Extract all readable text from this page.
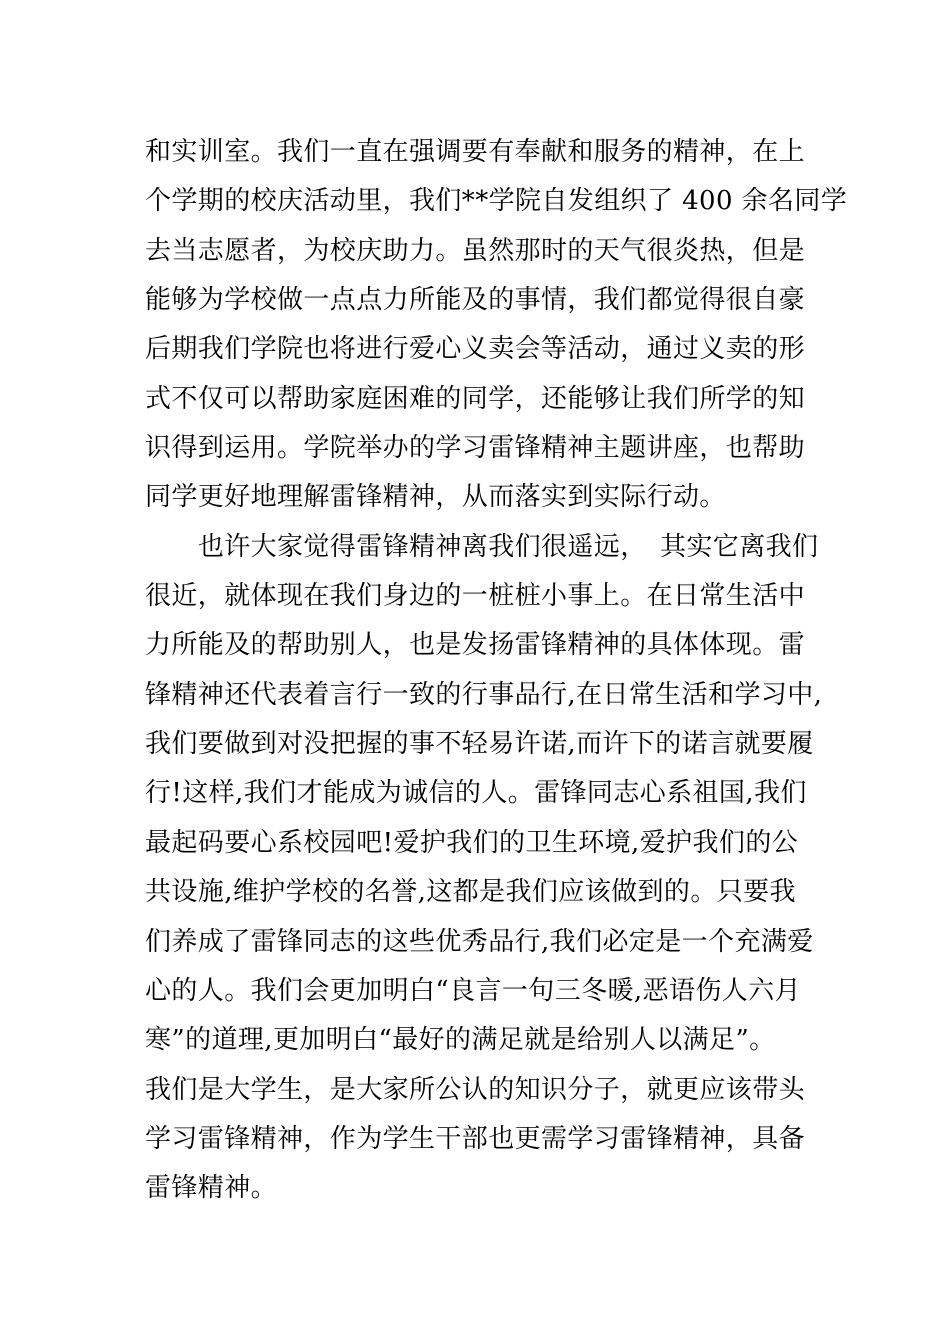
和实训室。我们一直在强调要有奉献和服务的精神，在上
个学期的校庆活动里，我们**学院自发组织了 400 余名同学
去当志愿者，为校庆助力。虽然那时的天气很炎热，但是
能够为学校做一点点力所能及的事情，我们都觉得很自豪
后期我们学院也将进行爱心义卖会等活动，通过义卖的形
式不仅可以帮助家庭困难的同学，还能够让我们所学的知
识得到运用。学院举办的学习雷锋精神主题讲座，也帮助
同学更好地理解雷锋精神，从而落实到实际行动。
　　也许大家觉得雷锋精神离我们很遥远，　其实它离我们
很近，就体现在我们身边的一桩桩小事上。在日常生活中
力所能及的帮助别人，也是发扬雷锋精神的具体体现。雷
锋精神还代表着言行一致的行事品行,在日常生活和学习中,
我们要做到对没把握的事不轻易许诺,而许下的诺言就要履
行!这样,我们才能成为诚信的人。雷锋同志心系祖国,我们
最起码要心系校园吧!爱护我们的卫生环境,爱护我们的公
共设施,维护学校的名誉,这都是我们应该做到的。只要我
们养成了雷锋同志的这些优秀品行,我们必定是一个充满爱
心的人。我们会更加明白“良言一句三冬暖,恶语伤人六月
寒”的道理,更加明白“最好的满足就是给别人以满足”。
我们是大学生，是大家所公认的知识分子，就更应该带头
学习雷锋精神，作为学生干部也更需学习雷锋精神，具备
雷锋精神。
